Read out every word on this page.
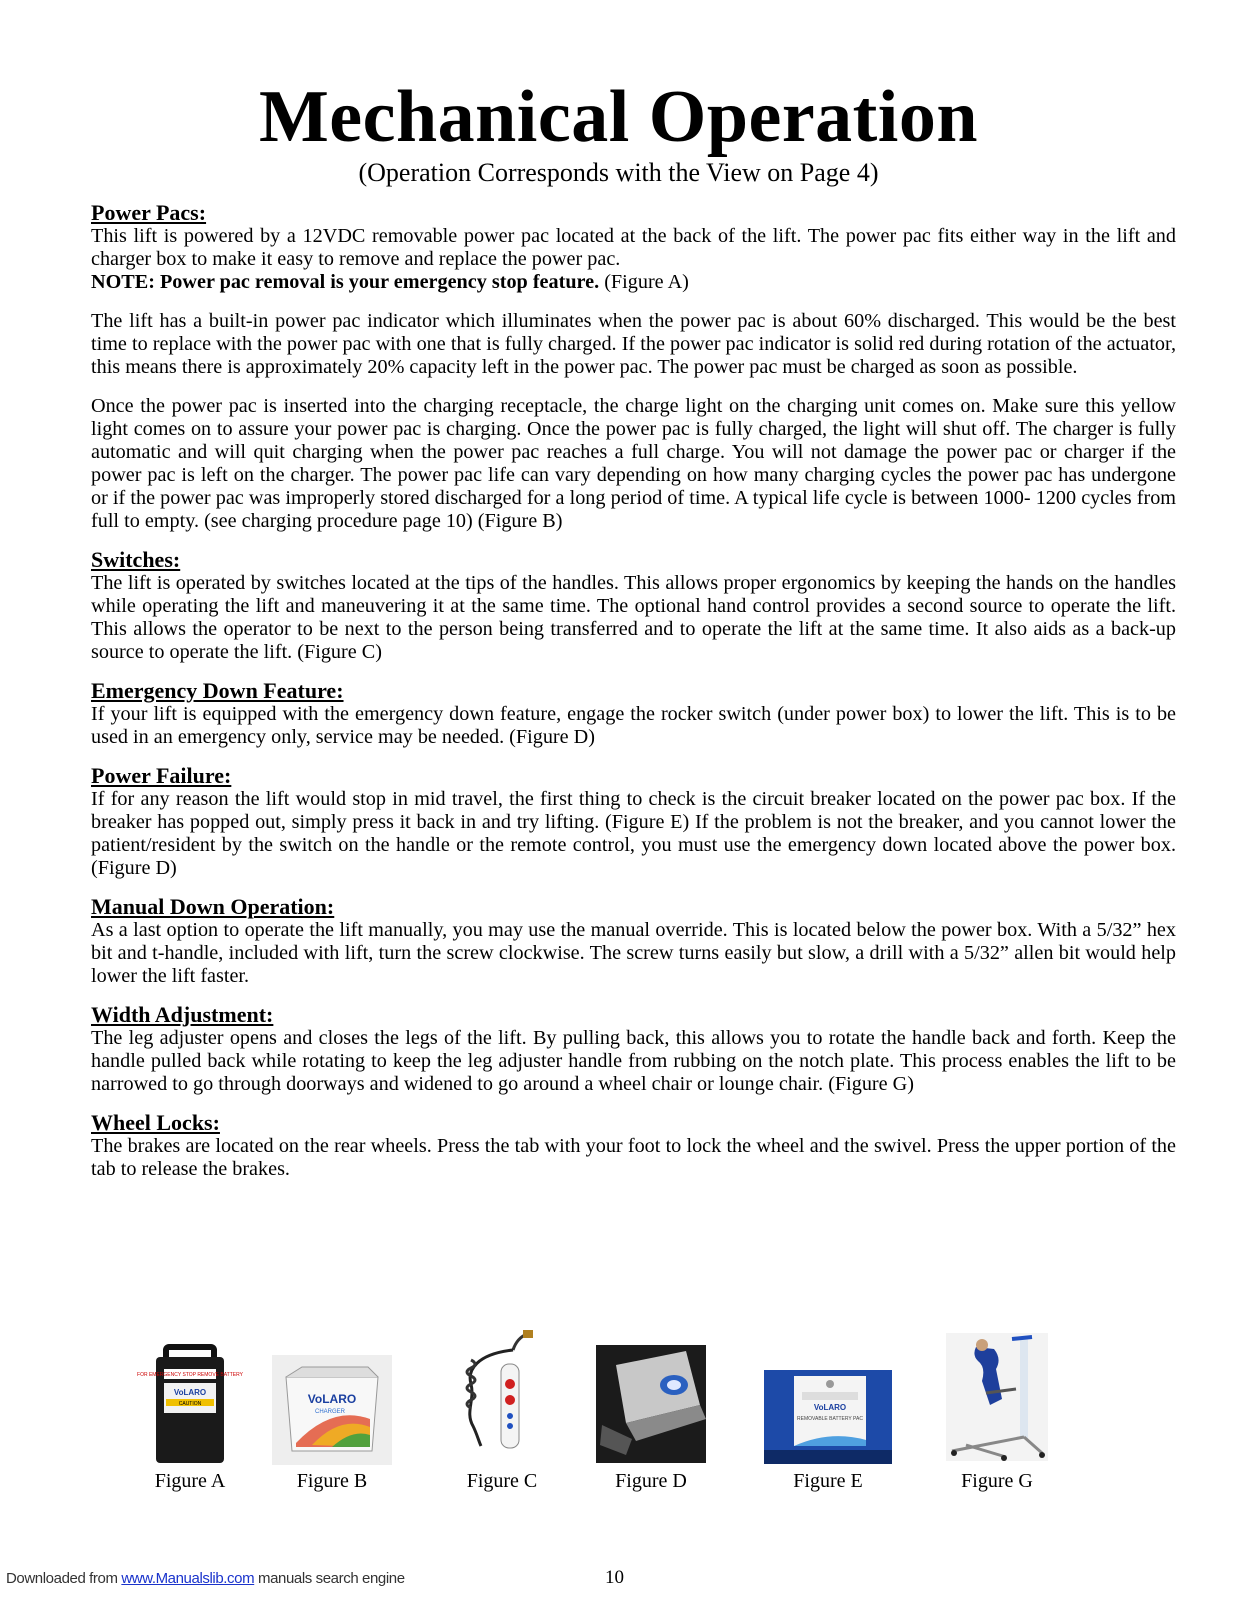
Mechanical Operation
(Operation Corresponds with the View on Page 4)
Power Pacs:

This lift is powered by a 12VDC removable power pac located at the back of the lift. The power pac fits either way in the lift and charger box to make it easy to remove and replace the power pac.

NOTE: Power pac removal is your emergency stop feature. (Figure A)

The lift has a built-in power pac indicator which illuminates when the power pac is about 60% discharged. This would be the best time to replace with the power pac with one that is fully charged. If the power pac indicator is solid red during rotation of the actuator, this means there is approximately 20% capacity left in the power pac. The power pac must be charged as soon as possible.

Once the power pac is inserted into the charging receptacle, the charge light on the charging unit comes on. Make sure this yellow light comes on to assure your power pac is charging. Once the power pac is fully charged, the light will shut off. The charger is fully automatic and will quit charging when the power pac reaches a full charge. You will not damage the power pac or charger if the power pac is left on the charger. The power pac life can vary depending on how many charging cycles the power pac has undergone or if the power pac was improperly stored discharged for a long period of time. A typical life cycle is between 1000- 1200 cycles from full to empty. (see charging procedure page 10) (Figure B)

Switches:

The lift is operated by switches located at the tips of the handles. This allows proper ergonomics by keeping the hands on the handles while operating the lift and maneuvering it at the same time. The optional hand control provides a second source to operate the lift. This allows the operator to be next to the person being transferred and to operate the lift at the same time. It also aids as a back-up source to operate the lift. (Figure C)

Emergency Down Feature:

If your lift is equipped with the emergency down feature, engage the rocker switch (under power box) to lower the lift. This is to be used in an emergency only, service may be needed. (Figure D)

Power Failure:

If for any reason the lift would stop in mid travel, the first thing to check is the circuit breaker located on the power pac box. If the breaker has popped out, simply press it back in and try lifting. (Figure E) If the problem is not the breaker, and you cannot lower the patient/resident by the switch on the handle or the remote control, you must use the emergency down located above the power box. (Figure D)

Manual Down Operation:

As a last option to operate the lift manually, you may use the manual override. This is located below the power box. With a 5/32” hex bit and t-handle, included with lift, turn the screw clockwise. The screw turns easily but slow, a drill with a 5/32” allen bit would help lower the lift faster.

Width Adjustment:

The leg adjuster opens and closes the legs of the lift. By pulling back, this allows you to rotate the handle back and forth. Keep the handle pulled back while rotating to keep the leg adjuster handle from rubbing on the notch plate. This process enables the lift to be narrowed to go through doorways and widened to go around a wheel chair or lounge chair. (Figure G)

Wheel Locks:

The brakes are located on the rear wheels. Press the tab with your foot to lock the wheel and the swivel. Press the upper portion of the tab to release the brakes.

FOR EMERGENCY STOP REMOVE BATTERY
VoLARO
CAUTION
Figure A
VoLARO
CHARGER
Figure B	Figure C	Figure D
VoLARO
REMOVABLE BATTERY PAC
Figure E	Figure G
Downloaded from www.Manualslib.com manuals search engine	10
